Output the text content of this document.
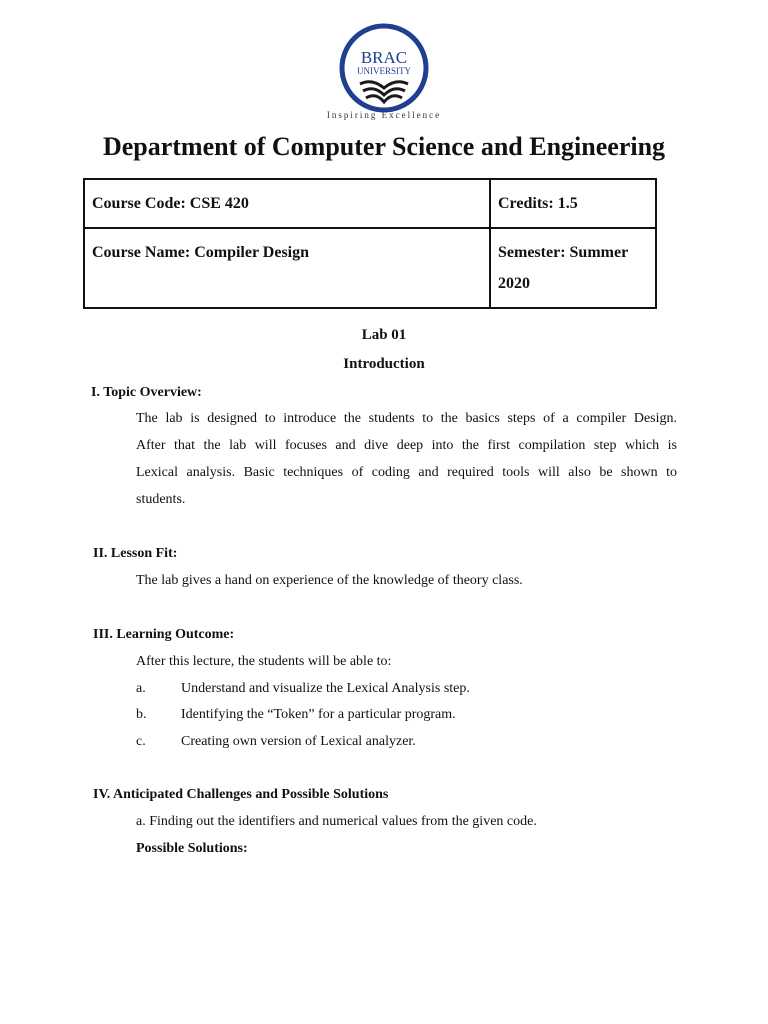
BRAC
UNIVERSITY
Inspiring Excellence
Department of Computer Science and Engineering
Course Code: CSE 420	Credits: 1.5
Course Name: Compiler Design	Semester: Summer
2020
Lab 01
Introduction
I. Topic Overview:
The lab is designed to introduce the students to the basics steps of a compiler Design.
After that the lab will focuses and dive deep into the first compilation step which is
Lexical analysis. Basic techniques of coding and required tools will also be shown to
students.
II. Lesson Fit:
The lab gives a hand on experience of the knowledge of theory class.
III. Learning Outcome:
After this lecture, the students will be able to:
a.	Understand and visualize the Lexical Analysis step.
b. Identifying the “Token” for a particular program.
c.	Creating own version of Lexical analyzer.
IV. Anticipated Challenges and Possible Solutions
a. Finding out the identifiers and numerical values from the given code.
Possible Solutions:
